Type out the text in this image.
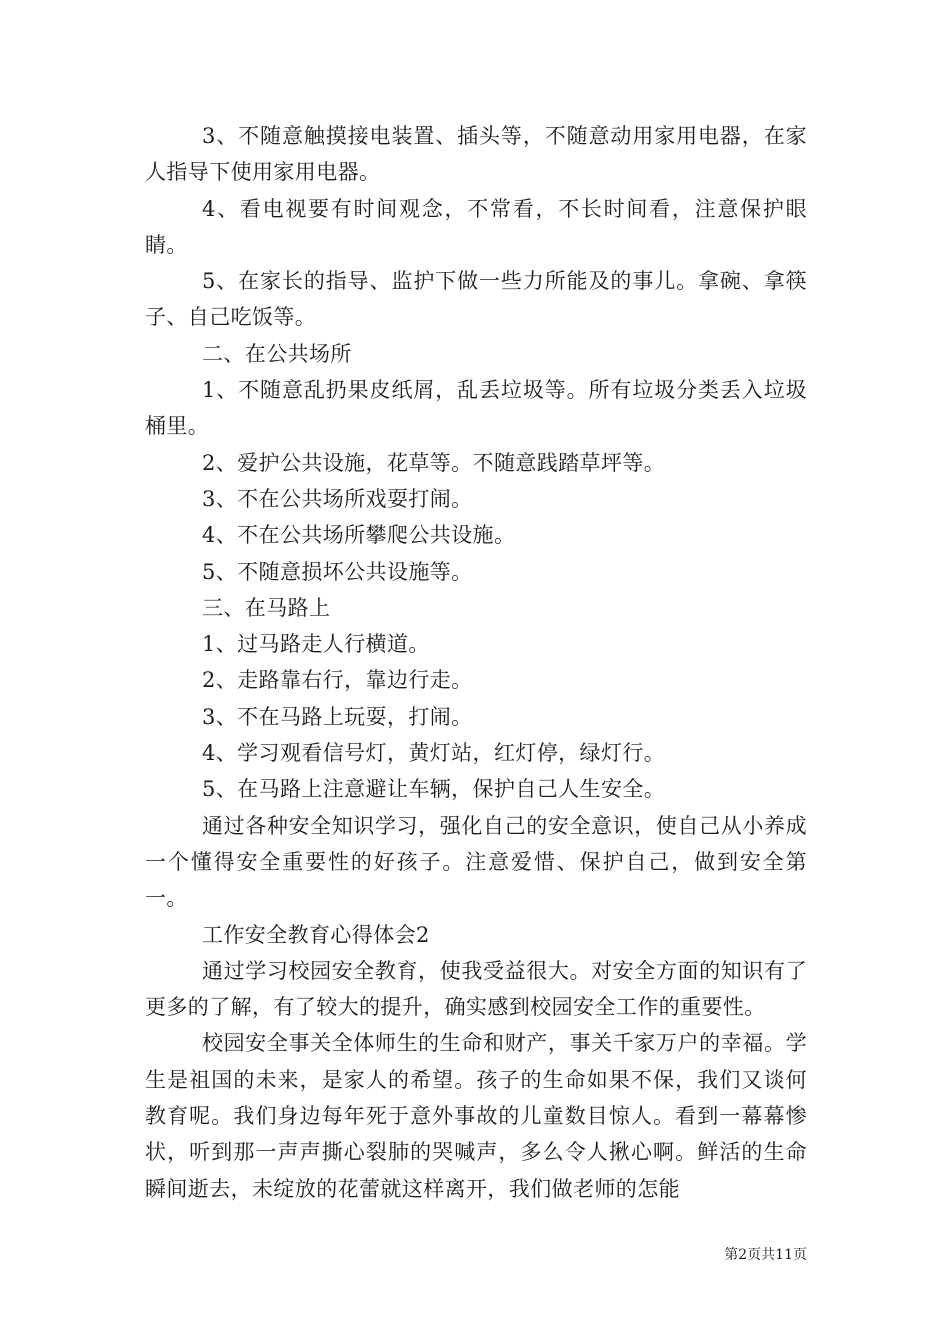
3、不随意触摸接电装置、插头等，不随意动用家用电器，在家人指导下使用家用电器。

4、看电视要有时间观念，不常看，不长时间看，注意保护眼睛。

5、在家长的指导、监护下做一些力所能及的事儿。拿碗、拿筷子、自己吃饭等。

二、在公共场所

1、不随意乱扔果皮纸屑，乱丢垃圾等。所有垃圾分类丢入垃圾桶里。

2、爱护公共设施，花草等。不随意践踏草坪等。

3、不在公共场所戏耍打闹。

4、不在公共场所攀爬公共设施。

5、不随意损坏公共设施等。

三、在马路上

1、过马路走人行横道。

2、走路靠右行，靠边行走。

3、不在马路上玩耍，打闹。

4、学习观看信号灯，黄灯站，红灯停，绿灯行。

5、在马路上注意避让车辆，保护自己人生安全。

通过各种安全知识学习，强化自己的安全意识，使自己从小养成一个懂得安全重要性的好孩子。注意爱惜、保护自己，做到安全第一。

工作安全教育心得体会2

通过学习校园安全教育，使我受益很大。对安全方面的知识有了更多的了解，有了较大的提升，确实感到校园安全工作的重要性。

校园安全事关全体师生的生命和财产，事关千家万户的幸福。学生是祖国的未来，是家人的希望。孩子的生命如果不保，我们又谈何教育呢。我们身边每年死于意外事故的儿童数目惊人。看到一幕幕惨状，听到那一声声撕心裂肺的哭喊声，多么令人揪心啊。鲜活的生命瞬间逝去，未绽放的花蕾就这样离开，我们做老师的怎能

第2页共11页
